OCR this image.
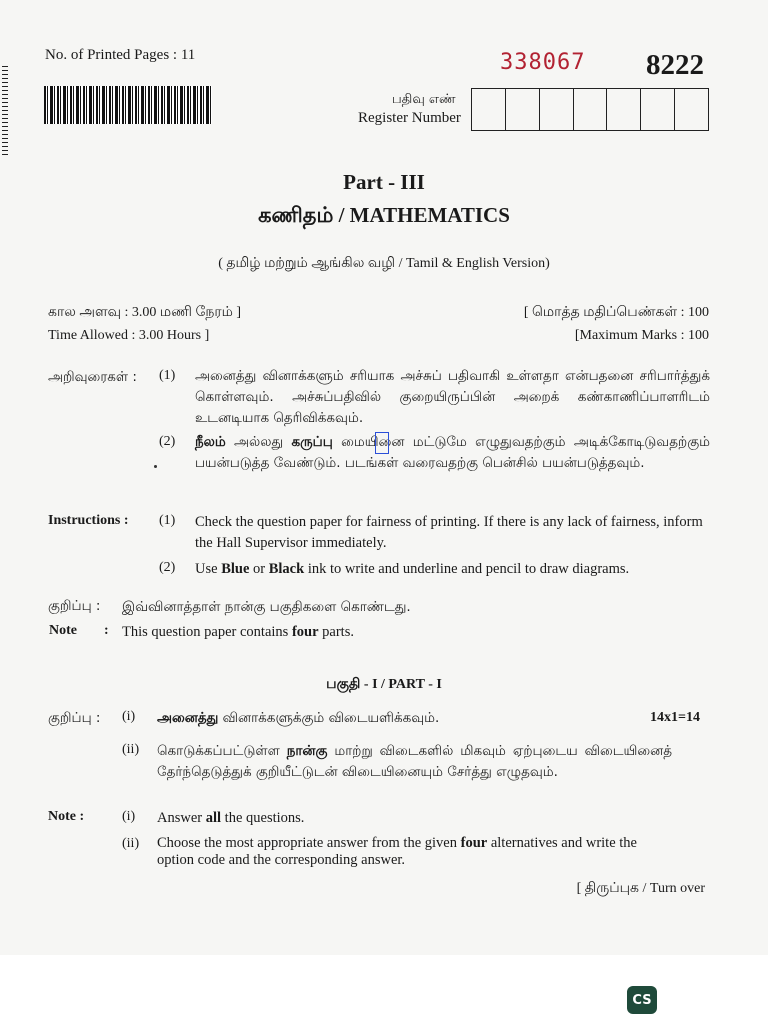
No. of Printed Pages : 11	338067 8222
பதிவு எண்
Register Number
Part - III
கணிதம் / MATHEMATICS
( தமிழ் மற்றும் ஆங்கில வழி / Tamil & English Version)
கால அளவு : 3.00 மணி நேரம் ]	[ மொத்த மதிப்பெண்கள் : 100
Time Allowed : 3.00 Hours ]	[Maximum Marks : 100
அறிவுரைகள் : (1) அனைத்து வினாக்களும் சரியாக அச்சுப் பதிவாகி உள்ளதா என்பதனை சரிபார்த்துக் கொள்ளவும். அச்சுப்பதிவில் குறையிருப்பின் அறைக் கண்காணிப்பாளரிடம் உடனடியாக தெரிவிக்கவும்.
(2) நீலம் அல்லது கருப்பு மையினை மட்டுமே எழுதுவதற்கும் அடிக்கோடிடுவதற்கும் பயன்படுத்த வேண்டும். படங்கள் வரைவதற்கு பென்சில் பயன்படுத்தவும்.
Instructions : (1) Check the question paper for fairness of printing. If there is any lack of fairness, inform the Hall Supervisor immediately.
(2) Use Blue or Black ink to write and underline and pencil to draw diagrams.
குறிப்பு : இவ்வினாத்தாள் நான்கு பகுதிகளை கொண்டது.
Note : This question paper contains four parts.
பகுதி - I / PART - I
குறிப்பு : (i) அனைத்து வினாக்களுக்கும் விடையளிக்கவும்.	14x1=14
(ii) கொடுக்கப்பட்டுள்ள நான்கு மாற்று விடைகளில் மிகவும் ஏற்புடைய விடையினைத் தேர்ந்தெடுத்துக் குறியீட்டுடன் விடையினையும் சேர்த்து எழுதவும்.
Note :	(i) Answer all the questions.
(ii) Choose the most appropriate answer from the given four alternatives and write the option code and the corresponding answer.
[ திருப்புக / Turn over
CS
